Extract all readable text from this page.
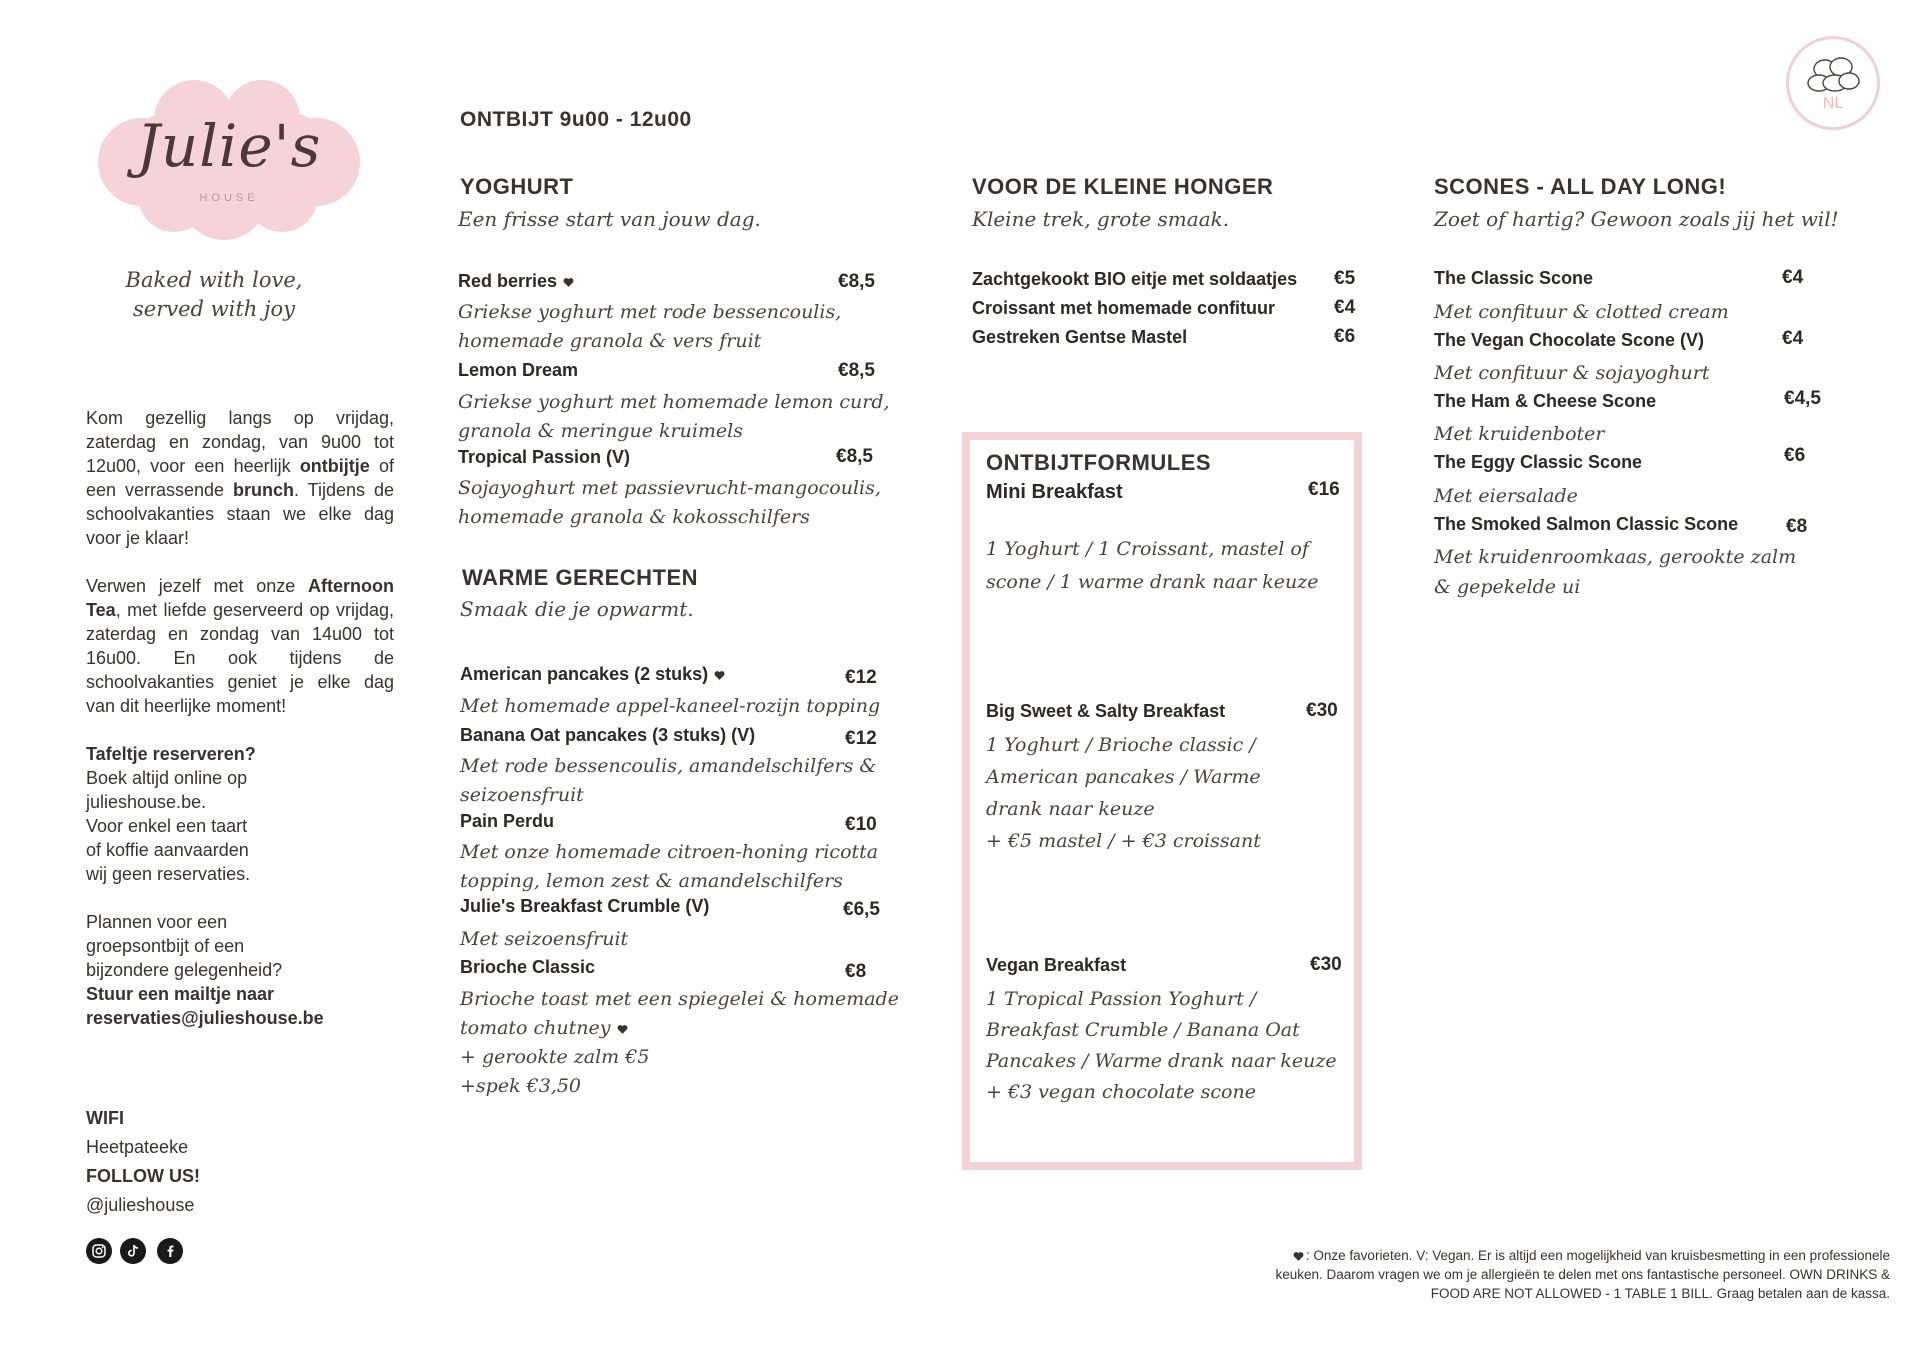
Julie's
HOUSE
Baked with love,
served with joy
NL
Kom gezellig langs op vrijdag, zaterdag en zondag, van 9u00 tot 12u00, voor een heerlijk ontbijtje of een verrassende brunch. Tijdens de schoolvakanties staan we elke dag voor je klaar!
Verwen jezelf met onze Afternoon Tea, met liefde geserveerd op vrijdag, zaterdag en zondag van 14u00 tot 16u00. En ook tijdens de schoolvakanties geniet je elke dag van dit heerlijke moment!
Tafeltje reserveren?
Boek altijd online op
julieshouse.be.
Voor enkel een taart
of koffie aanvaarden
wij geen reservaties.
Plannen voor een
groepsontbijt of een
bijzondere gelegenheid?
Stuur een mailtje naar
reservaties@julieshouse.be
WIFI
Heetpateeke
FOLLOW US!
@julieshouse
ONTBIJT 9u00 - 12u00
YOGHURT
Een frisse start van jouw dag.
Red berries	€8,5
Griekse yoghurt met rode bessencoulis,
homemade granola & vers fruit
Lemon Dream	€8,5
Griekse yoghurt met homemade lemon curd,
granola & meringue kruimels
Tropical Passion (V)	€8,5
Sojayoghurt met passievrucht-mangocoulis,
homemade granola & kokosschilfers
WARME GERECHTEN
Smaak die je opwarmt.
American pancakes (2 stuks)	€12
Met homemade appel-kaneel-rozijn topping
Banana Oat pancakes (3 stuks) (V)	€12
Met rode bessencoulis, amandelschilfers &
seizoensfruit
Pain Perdu	€10
Met onze homemade citroen-honing ricotta
topping, lemon zest & amandelschilfers
Julie's Breakfast Crumble (V)	€6,5
Met seizoensfruit
Brioche Classic	€8
Brioche toast met een spiegelei & homemade
tomato chutney
+ gerookte zalm €5
+spek €3,50
VOOR DE KLEINE HONGER
Kleine trek, grote smaak.
Zachtgekookt BIO eitje met soldaatjes €5
Croissant met homemade confituur	€4
Gestreken Gentse Mastel	€6
ONTBIJTFORMULES
Mini Breakfast	€16
1 Yoghurt / 1 Croissant, mastel of
scone / 1 warme drank naar keuze
Big Sweet & Salty Breakfast	€30
1 Yoghurt / Brioche classic /
American pancakes / Warme
drank naar keuze
+ €5 mastel / + €3 croissant
Vegan Breakfast	€30
1 Tropical Passion Yoghurt /
Breakfast Crumble / Banana Oat
Pancakes / Warme drank naar keuze
+ €3 vegan chocolate scone
SCONES - ALL DAY LONG!
Zoet of hartig? Gewoon zoals jij het wil!
The Classic Scone	€4
Met confituur & clotted cream
The Vegan Chocolate Scone (V)	€4
Met confituur & sojayoghurt
The Ham & Cheese Scone	€4,5
Met kruidenboter
The Eggy Classic Scone	€6
Met eiersalade
The Smoked Salmon Classic Scone	€8
Met kruidenroomkaas, gerookte zalm
& gepekelde ui
: Onze favorieten. V: Vegan. Er is altijd een mogelijkheid van kruisbesmetting in een professionele
keuken. Daarom vragen we om je allergieën te delen met ons fantastische personeel. OWN DRINKS &
FOOD ARE NOT ALLOWED - 1 TABLE 1 BILL. Graag betalen aan de kassa.
